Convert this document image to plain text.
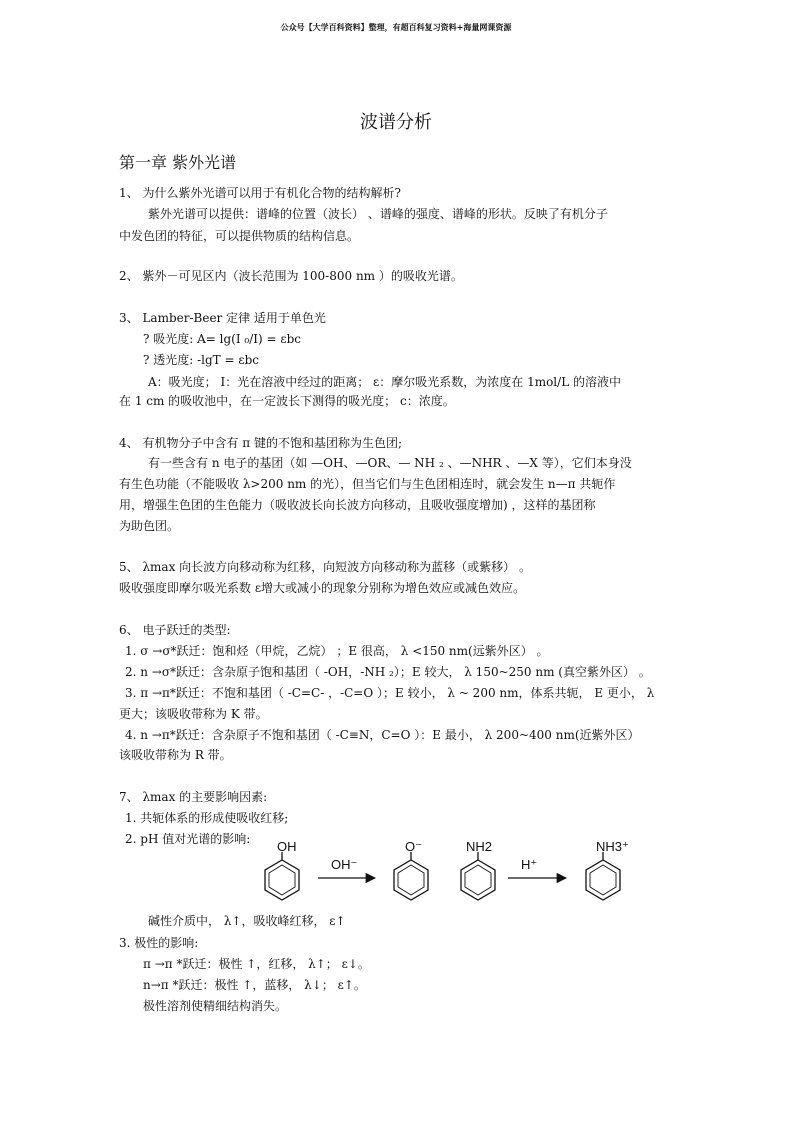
公众号【大学百科资料】整理，有超百科复习资料+海量网课资源
波谱分析
第一章 紫外光谱
1、 为什么紫外光谱可以用于有机化合物的结构解析?
紫外光谱可以提供：谱峰的位置（波长） 、谱峰的强度、谱峰的形状。反映了有机分子
中发色团的特征，可以提供物质的结构信息。
2、 紫外－可见区内（波长范围为 100-800 nm ）的吸收光谱。
3、 Lamber-Beer 定律 适用于单色光
? 吸光度: A= lg(I ₀/I) = εbc
? 透光度: -lgT = εbc
A：吸光度； I：光在溶液中经过的距离； ε：摩尔吸光系数，为浓度在 1mol/L 的溶液中
在 1 cm 的吸收池中，在一定波长下测得的吸光度； c：浓度。
4、 有机物分子中含有 π 键的不饱和基团称为生色团;
有一些含有 n 电子的基团（如 —OH、—OR、— NH ₂ 、—NHR 、—X 等），它们本身没
有生色功能（不能吸收 λ>200 nm 的光），但当它们与生色团相连时，就会发生 n—π 共轭作
用，增强生色团的生色能力（吸收波长向长波方向移动，且吸收强度增加) ，这样的基团称
为助色团。
5、 λmax 向长波方向移动称为红移，向短波方向移动称为蓝移（或紫移） 。
吸收强度即摩尔吸光系数 ε增大或减小的现象分别称为增色效应或减色效应。
6、 电子跃迁的类型:
1. σ →σ*跃迁：饱和烃（甲烷，乙烷） ；E 很高， λ <150 nm(远紫外区） 。
2. n →σ*跃迁：含杂原子饱和基团（ -OH，-NH ₂）；E 较大， λ 150~250 nm (真空紫外区） 。
3. π →π*跃迁：不饱和基团（ -C=C- ，-C=O ）；E 较小， λ ~ 200 nm，体系共轭， E 更小， λ
更大；该吸收带称为 K 带。
4. n →π*跃迁：含杂原子不饱和基团（ -C≡N，C=O ）：E 最小， λ 200~400 nm(近紫外区）
该吸收带称为 R 带。
7、 λmax 的主要影响因素:
1. 共轭体系的形成使吸收红移;
2. pH 值对光谱的影响: OH
OH⁻
O⁻	NH2
H⁺
NH3⁺
碱性介质中， λ↑，吸收峰红移， ε↑
3. 极性的影响:
π →π *跃迁：极性 ↑，红移， λ↑； ε↓。
n→π *跃迁：极性 ↑，蓝移， λ↓； ε↑。
极性溶剂使精细结构消失。
